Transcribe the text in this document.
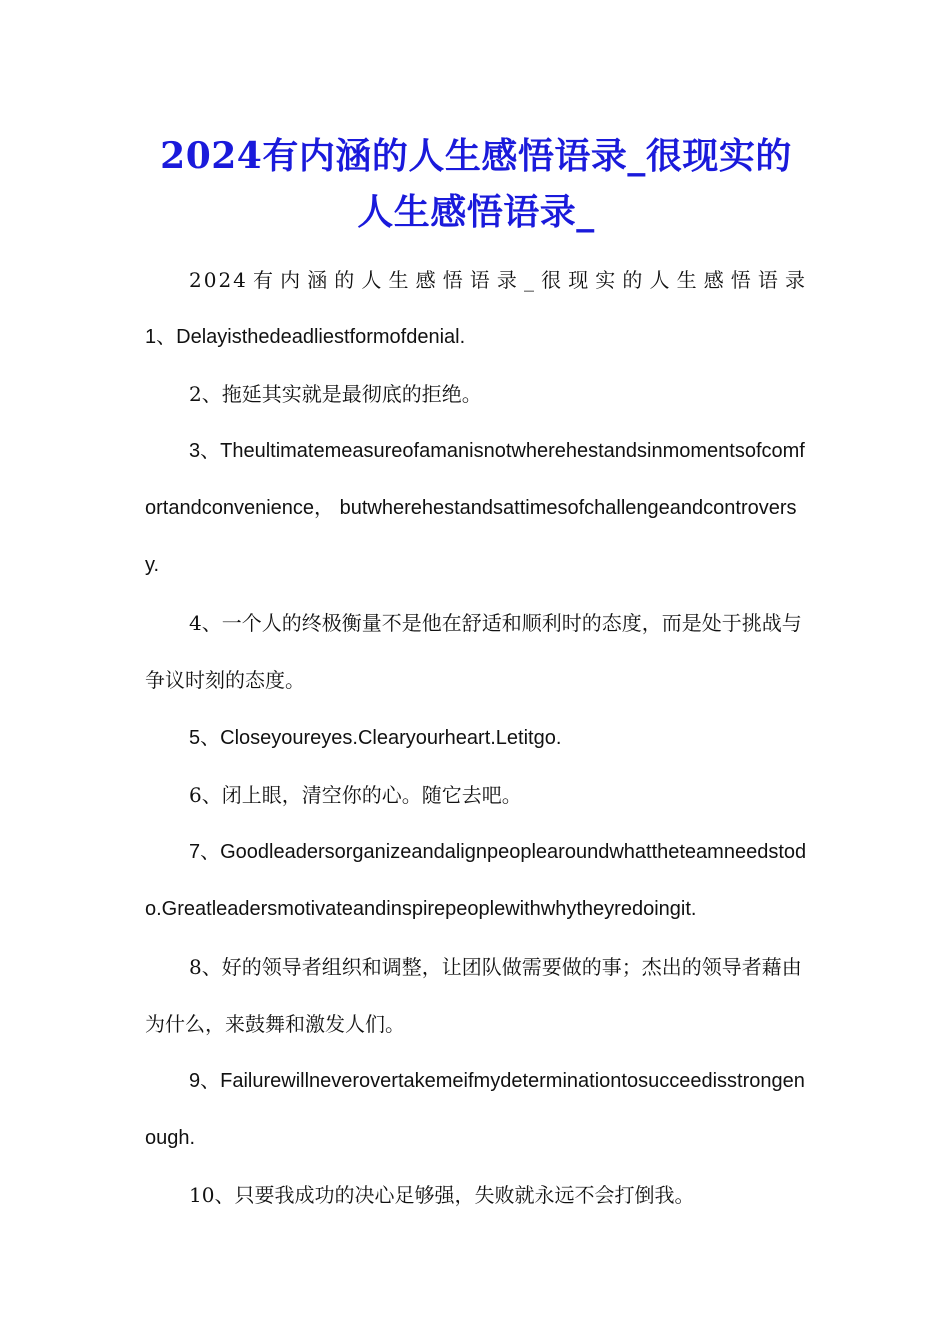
2024有内涵的人生感悟语录_很现实的人生感悟语录_

2024有内涵的人生感悟语录_很现实的人生感悟语录

1、Delayisthedeadliestformofdenial.

2、拖延其实就是最彻底的拒绝。

3、Theultimatemeasureofamanisnotwherehestandsinmomentsofcomfortandconvenience， butwherehestandsattimesofchallengeandcontroversy.

4、一个人的终极衡量不是他在舒适和顺利时的态度，而是处于挑战与争议时刻的态度。

5、Closeyoureyes.Clearyourheart.Letitgo.

6、闭上眼，清空你的心。随它去吧。

7、Goodleadersorganizeandalignpeoplearoundwhattheteamneedstodo.Greatleadersmotivateandinspirepeoplewithwhytheyredoingit.

8、好的领导者组织和调整，让团队做需要做的事；杰出的领导者藉由为什么，来鼓舞和激发人们。

9、Failurewillneverovertakemeifmydeterminationtosucceedisstrongenough.

10、只要我成功的决心足够强，失败就永远不会打倒我。
